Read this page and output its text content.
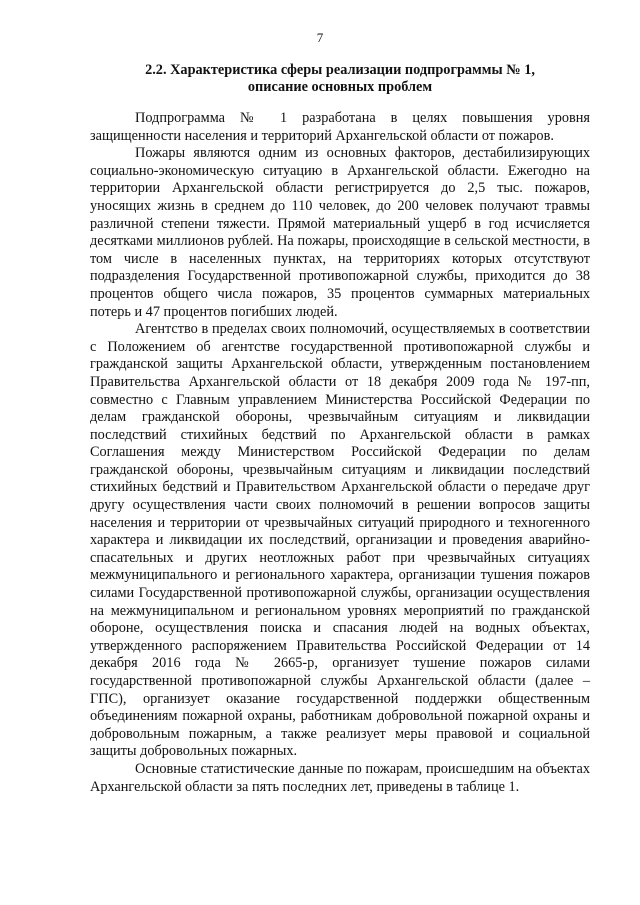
7
2.2. Характеристика сферы реализации подпрограммы № 1,
описание основных проблем

Подпрограмма № 1 разработана в целях повышения уровня защищенности населения и территорий Архангельской области от пожаров.

Пожары являются одним из основных факторов, дестабилизирующих социально-экономическую ситуацию в Архангельской области. Ежегодно на территории Архангельской области регистрируется до 2,5 тыс. пожаров, уносящих жизнь в среднем до 110 человек, до 200 человек получают травмы различной степени тяжести. Прямой материальный ущерб в год исчисляется десятками миллионов рублей. На пожары, происходящие в сельской местности, в том числе в населенных пунктах, на территориях которых отсутствуют подразделения Государственной противопожарной службы, приходится до 38 процентов общего числа пожаров, 35 процентов суммарных материальных потерь и 47 процентов погибших людей.

Агентство в пределах своих полномочий, осуществляемых в соответствии с Положением об агентстве государственной противопожарной службы и гражданской защиты Архангельской области, утвержденным постановлением Правительства Архангельской области от 18 декабря 2009 года № 197-пп, совместно с Главным управлением Министерства Российской Федерации по делам гражданской обороны, чрезвычайным ситуациям и ликвидации последствий стихийных бедствий по Архангельской области в рамках Соглашения между Министерством Российской Федерации по делам гражданской обороны, чрезвычайным ситуациям и ликвидации последствий стихийных бедствий и Правительством Архангельской области о передаче друг другу осуществления части своих полномочий в решении вопросов защиты населения и территории от чрезвычайных ситуаций природного и техногенного характера и ликвидации их последствий, организации и проведения аварийно-спасательных и других неотложных работ при чрезвычайных ситуациях межмуниципального и регионального характера, организации тушения пожаров силами Государственной противопожарной службы, организации осуществления на межмуниципальном и региональном уровнях мероприятий по гражданской обороне, осуществления поиска и спасания людей на водных объектах, утвержденного распоряжением Правительства Российской Федерации от 14 декабря 2016 года № 2665-р, организует тушение пожаров силами государственной противопожарной службы Архангельской области (далее – ГПС), организует оказание государственной поддержки общественным объединениям пожарной охраны, работникам добровольной пожарной охраны и добровольным пожарным, а также реализует меры правовой и социальной защиты добровольных пожарных.

Основные статистические данные по пожарам, происшедшим на объектах Архангельской области за пять последних лет, приведены в таблице 1.
